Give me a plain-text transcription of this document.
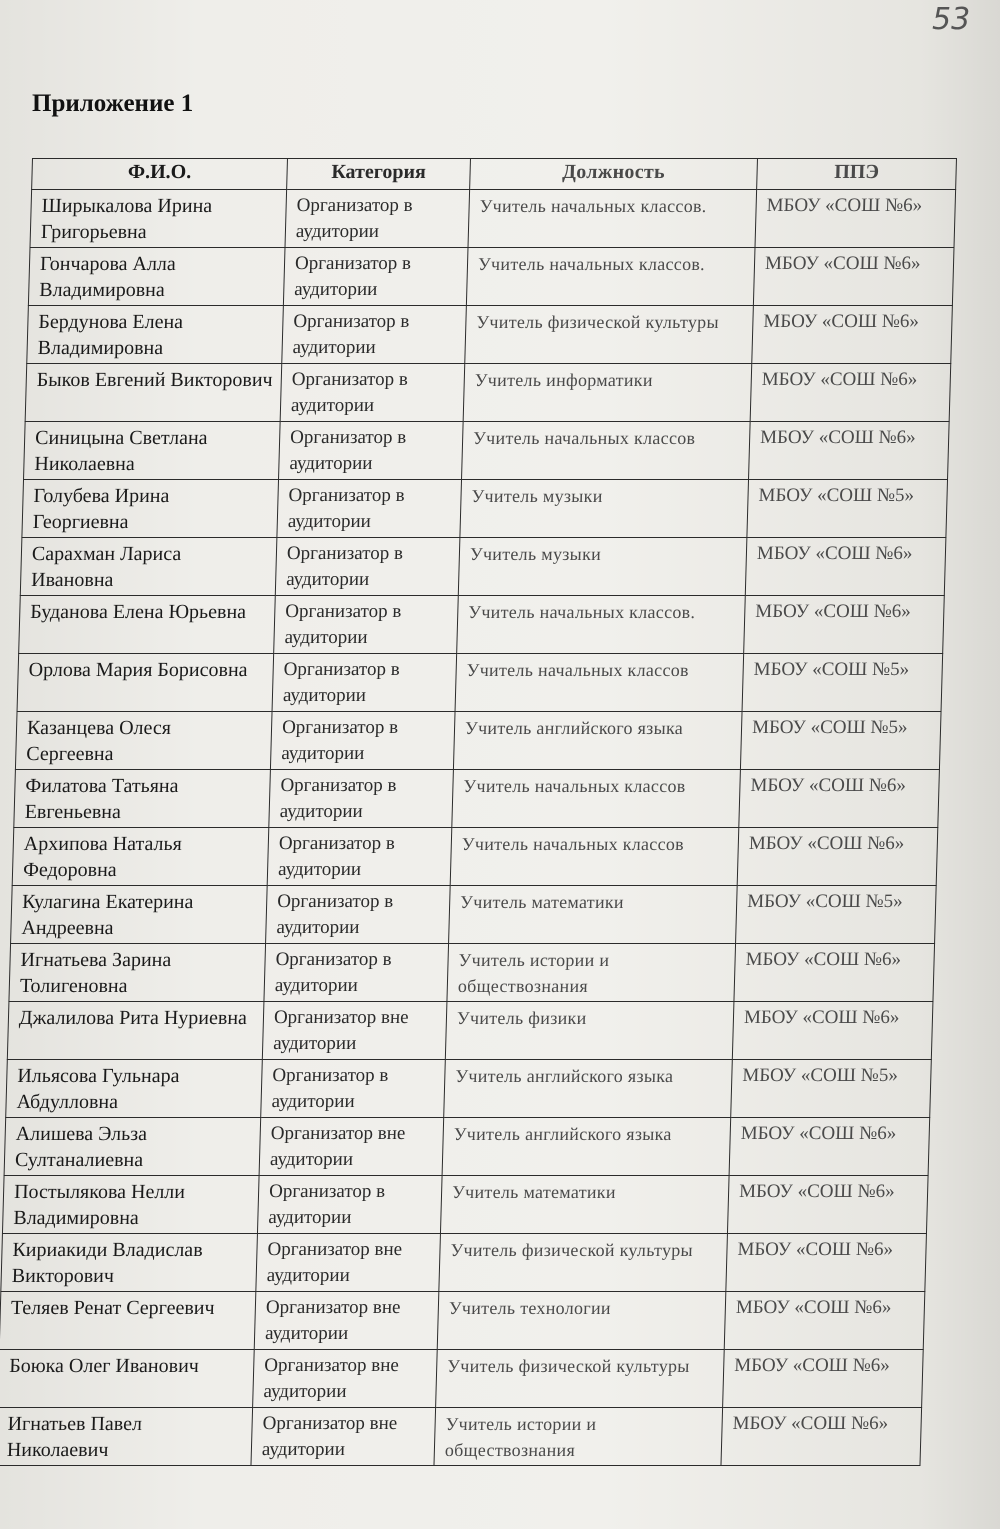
53
Приложение 1
Ф.И.О.	Категория	Должность	ППЭ
Ширыкалова Ирина Григорьевна	Организатор в аудитории	Учитель начальных классов.	МБОУ «СОШ №6»
Гончарова Алла Владимировна	Организатор в аудитории	Учитель начальных классов.	МБОУ «СОШ №6»
Бердунова Елена Владимировна	Организатор в аудитории	Учитель физической культуры	МБОУ «СОШ №6»
Быков Евгений Викторович	Организатор в аудитории	Учитель информатики	МБОУ «СОШ №6»
Синицына Светлана Николаевна	Организатор в аудитории	Учитель начальных классов	МБОУ «СОШ №6»
Голубева Ирина Георгиевна	Организатор в аудитории	Учитель музыки	МБОУ «СОШ №5»
Сарахман Лариса Ивановна	Организатор в аудитории	Учитель музыки	МБОУ «СОШ №6»
Буданова Елена Юрьевна	Организатор в аудитории	Учитель начальных классов.	МБОУ «СОШ №6»
Орлова Мария Борисовна	Организатор в аудитории	Учитель начальных классов	МБОУ «СОШ №5»
Казанцева Олеся Сергеевна	Организатор в аудитории	Учитель английского языка	МБОУ «СОШ №5»
Филатова Татьяна Евгеньевна	Организатор в аудитории	Учитель начальных классов	МБОУ «СОШ №6»
Архипова Наталья Федоровна	Организатор в аудитории	Учитель начальных классов	МБОУ «СОШ №6»
Кулагина Екатерина Андреевна	Организатор в аудитории	Учитель математики	МБОУ «СОШ №5»
Игнатьева Зарина Толигеновна	Организатор в аудитории	Учитель истории и обществознания	МБОУ «СОШ №6»
Джалилова Рита Нуриевна	Организатор вне аудитории	Учитель физики	МБОУ «СОШ №6»
Ильясова Гульнара Абдулловна	Организатор в аудитории	Учитель английского языка	МБОУ «СОШ №5»
Алишева Эльза Султаналиевна	Организатор вне аудитории	Учитель английского языка	МБОУ «СОШ №6»
Постылякова Нелли Владимировна	Организатор в аудитории	Учитель математики	МБОУ «СОШ №6»
Кириакиди Владислав Викторович	Организатор вне аудитории	Учитель физической культуры	МБОУ «СОШ №6»
Теляев Ренат Сергеевич	Организатор вне аудитории	Учитель технологии	МБОУ «СОШ №6»
Боюка Олег Иванович	Организатор вне аудитории	Учитель физической культуры	МБОУ «СОШ №6»
Игнатьев Павел Николаевич	Организатор вне аудитории	Учитель истории и обществознания	МБОУ «СОШ №6»
